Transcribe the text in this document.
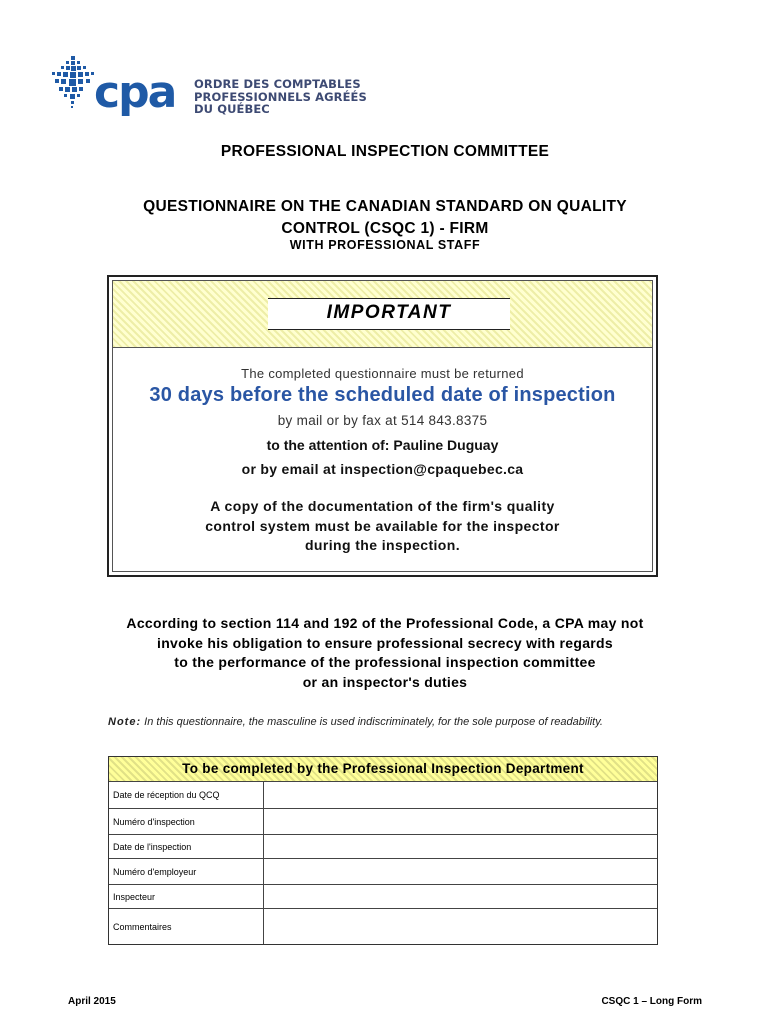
cpa ORDRE DES COMPTABLES
PROFESSIONNELS AGRÉÉS
DU QUÉBEC
PROFESSIONAL INSPECTION COMMITTEE
QUESTIONNAIRE ON THE CANADIAN STANDARD ON QUALITY
CONTROL (CSQC 1) - FIRM
WITH PROFESSIONAL STAFF
IMPORTANT
The completed questionnaire must be returned
30 days before the scheduled date of inspection
by mail or by fax at 514 843.8375
to the attention of: Pauline Duguay
or by email at inspection@cpaquebec.ca
A copy of the documentation of the firm's quality
control system must be available for the inspector
during the inspection.
According to section 114 and 192 of the Professional Code, a CPA may not
invoke his obligation to ensure professional secrecy with regards
to the performance of the professional inspection committee
or an inspector's duties
Note: In this questionnaire, the masculine is used indiscriminately, for the sole purpose of readability.
To be completed by the Professional Inspection Department
Date de réception du QCQ
Numéro d'inspection
Date de l'inspection
Numéro d'employeur
Inspecteur
Commentaires
April 2015	CSQC 1 – Long Form
